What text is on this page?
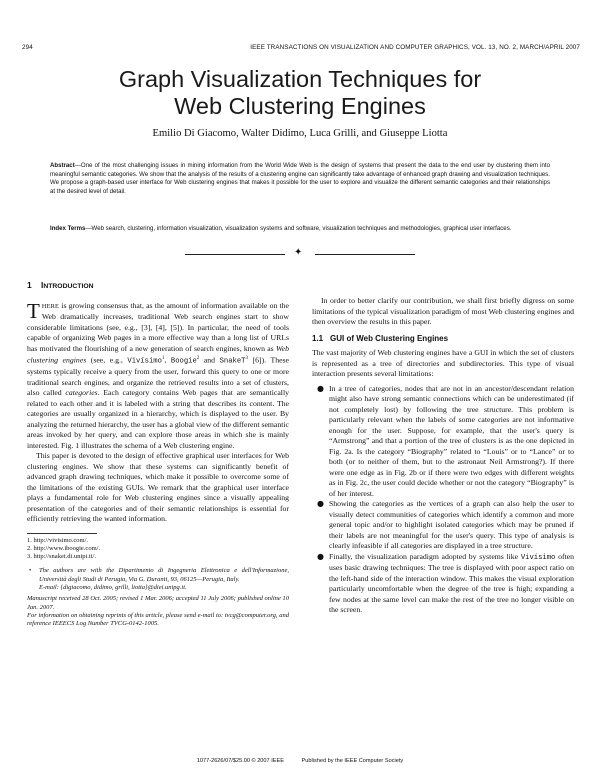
294	IEEE TRANSACTIONS ON VISUALIZATION AND COMPUTER GRAPHICS, VOL. 13, NO. 2, MARCH/APRIL 2007
Graph Visualization Techniques for
Web Clustering Engines
Emilio Di Giacomo, Walter Didimo, Luca Grilli, and Giuseppe Liotta
Abstract—One of the most challenging issues in mining information from the World Wide Web is the design of systems that present the data to the end user by clustering them into meaningful semantic categories. We show that the analysis of the results of a clustering engine can significantly take advantage of enhanced graph drawing and visualization techniques. We propose a graph-based user interface for Web clustering engines that makes it possible for the user to explore and visualize the different semantic categories and their relationships at the desired level of detail.
Index Terms—Web search, clustering, information visualization, visualization systems and software, visualization techniques and methodologies, graphical user interfaces.
✦
1 INTRODUCTION

THERE is growing consensus that, as the amount of information available on the Web dramatically increases, traditional Web search engines start to show considerable limitations (see, e.g., [3], [4], [5]). In particular, the need of tools capable of organizing Web pages in a more effective way than a long list of URLs has motivated the flourishing of a new generation of search engines, known as Web clustering engines (see, e.g., Vivísimo$^1$, Boogie$^2$ and SnakeT$^3$ [6]). These systems typically receive a query from the user, forward this query to one or more traditional search engines, and organize the retrieved results into a set of clusters, also called categories. Each category contains Web pages that are semantically related to each other and it is labeled with a string that describes its content. The categories are usually organized in a hierarchy, which is displayed to the user. By analyzing the returned hierarchy, the user has a global view of the different semantic areas invoked by her query, and can explore those areas in which she is mainly interested. Fig. 1 illustrates the schema of a Web clustering engine.

This paper is devoted to the design of effective graphical user interfaces for Web clustering engines. We show that these systems can significantly benefit of advanced graph drawing techniques, which make it possible to overcome some of the limitations of the existing GUIs. We remark that the graphical user interface plays a fundamental role for Web clustering engines since a visually appealing presentation of the categories and of their semantic relationships is essential for efficiently retrieving the wanted information.

1. http://vivisimo.com/.
2. http://www.iboogie.com/.
3. http://snaket.di.unipi.it/.
• The authors are with the Dipartimento di Ingegneria Elettronica e dell'Informazione, Università degli Studi di Perugia, Via G. Duranti, 93, 06125—Perugia, Italy.
E-mail: {digiacomo, didimo, grilli, liotta}@diei.unipg.it.
Manuscript received 28 Oct. 2005; revised 1 Mar. 2006; accepted 11 July 2006; published online 10 Jan. 2007.
For information on obtaining reprints of this article, please send e-mail to: tvcg@computer.org, and reference IEEECS Log Number TVCG-0142-1005.

In order to better clarify our contribution, we shall first briefly digress on some limitations of the typical visualization paradigm of most Web clustering engines and then overview the results in this paper.

1.1 GUI of Web Clustering Engines

The vast majority of Web clustering engines have a GUI in which the set of clusters is represented as a tree of directories and subdirectories. This type of visual interaction presents several limitations:

● In a tree of categories, nodes that are not in an ancestor/descendant relation might also have strong semantic connections which can be underestimated (if not completely lost) by following the tree structure. This problem is particularly relevant when the labels of some categories are not informative enough for the user. Suppose, for example, that the user's query is “Armstrong” and that a portion of the tree of clusters is as the one depicted in Fig. 2a. Is the category “Biography” related to “Louis” or to “Lance” or to both (or to neither of them, but to the astronaut Neil Armstrong?). If there were one edge as in Fig. 2b or if there were two edges with different weights as in Fig. 2c, the user could decide whether or not the category “Biography” is of her interest.
● Showing the categories as the vertices of a graph can also help the user to visually detect communities of categories which identify a common and more general topic and/or to highlight isolated categories which may be pruned if their labels are not meaningful for the user's query. This type of analysis is clearly infeasible if all categories are displayed in a tree structure.
● Finally, the visualization paradigm adopted by systems like Vivísimo often uses basic drawing techniques: The tree is displayed with poor aspect ratio on the left-hand side of the interaction window. This makes the visual exploration particularly uncomfortable when the degree of the tree is high; expanding a few nodes at the same level can make the rest of the tree no longer visible on the screen.
1077-2626/07/$25.00 © 2007 IEEE	Published by the IEEE Computer Society
